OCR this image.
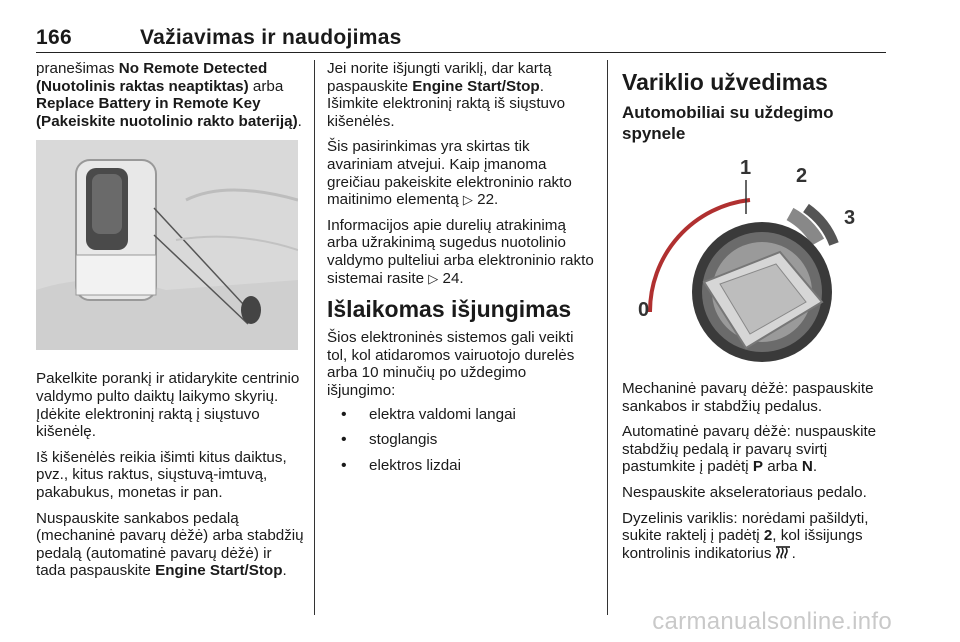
166	Važiavimas ir naudojimas

pranešimas No Remote Detected (Nuotolinis raktas neaptiktas) arba Replace Battery in Remote Key (Pakeiskite nuotolinio rakto bateriją).

Pakelkite porankį ir atidarykite centrinio valdymo pulto daiktų laikymo skyrių. Įdėkite elektroninį raktą į siųstuvo kišenėlę.

Iš kišenėlės reikia išimti kitus daiktus, pvz., kitus raktus, siųstuvą-imtuvą, pakabukus, monetas ir pan.

Nuspauskite sankabos pedalą (mechaninė pavarų dėžė) arba stabdžių pedalą (automatinė pavarų dėžė) ir tada paspauskite Engine Start/Stop.

Jei norite išjungti variklį, dar kartą paspauskite Engine Start/Stop. Išimkite elektroninį raktą iš siųstuvo kišenėlės.

Šis pasirinkimas yra skirtas tik avariniam atvejui. Kaip įmanoma greičiau pakeiskite elektroninio rakto maitinimo elementą ▷ 22.

Informacijos apie durelių atrakinimą arba užrakinimą sugedus nuotolinio valdymo pulteliui arba elektroninio rakto sistemai rasite ▷ 24.

Išlaikomas išjungimas

Šios elektroninės sistemos gali veikti tol, kol atidaromos vairuotojo durelės arba 10 minučių po uždegimo išjungimo:

• elektra valdomi langai
• stoglangis
• elektros lizdai
Variklio užvedimas
Automobiliai su uždegimo spynele
1 2
3
0

Mechaninė pavarų dėžė: paspauskite sankabos ir stabdžių pedalus.

Automatinė pavarų dėžė: nuspauskite stabdžių pedalą ir pavarų svirtį pastumkite į padėtį P arba N.

Nespauskite akseleratoriaus pedalo.

Dyzelinis variklis: norėdami pašildyti, sukite raktelį į padėtį 2, kol išsijungs kontrolinis indikatorius .

carmanualsonline.info
